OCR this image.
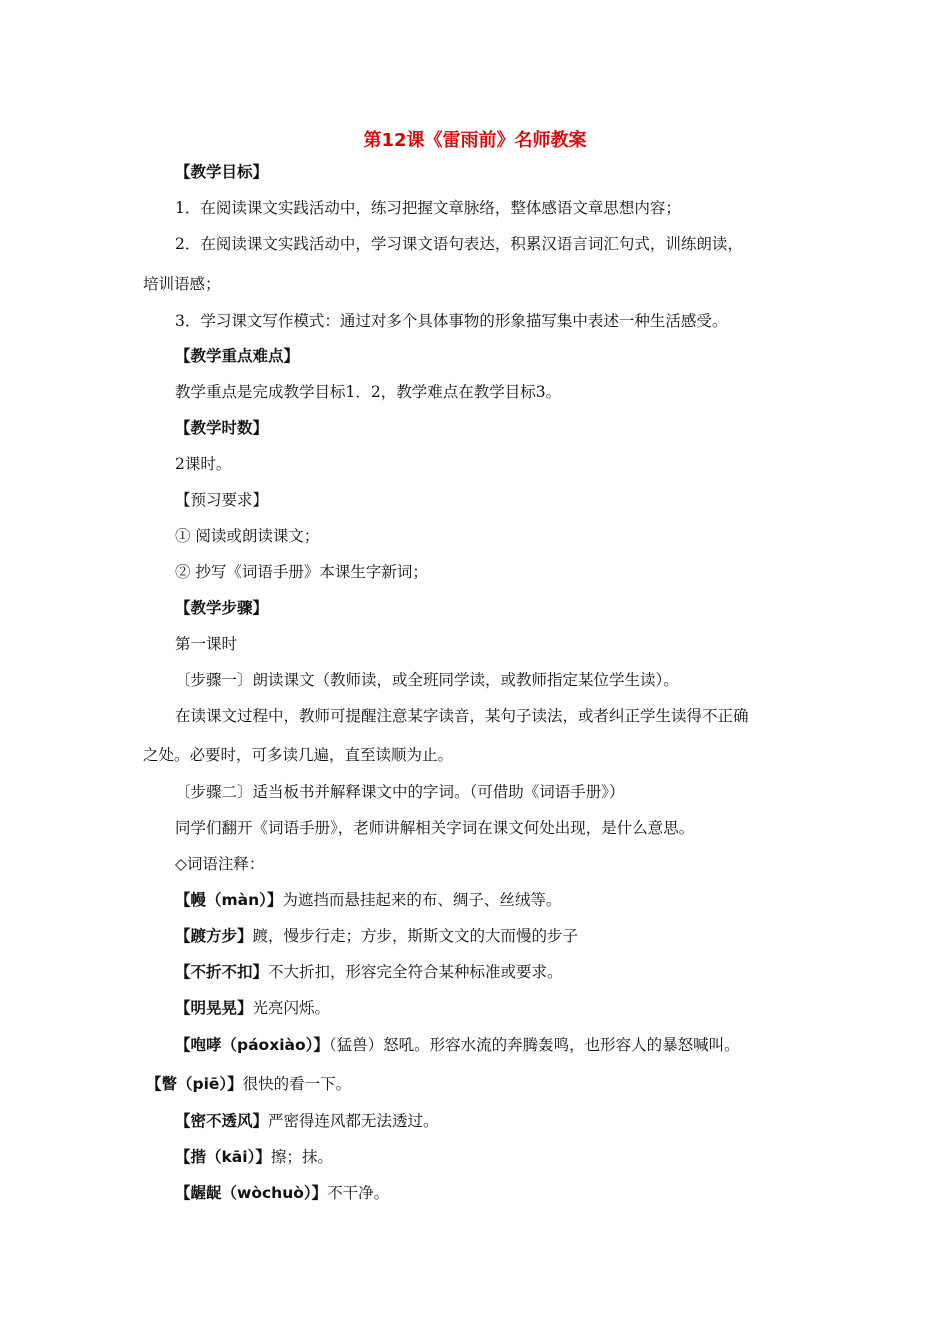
第12课《雷雨前》名师教案

【教学目标】

1．在阅读课文实践活动中，练习把握文章脉络，整体感语文章思想内容；

2．在阅读课文实践活动中，学习课文语句表达，积累汉语言词汇句式，训练朗读，

培训语感；

3．学习课文写作模式：通过对多个具体事物的形象描写集中表述一种生活感受。

【教学重点难点】

教学重点是完成教学目标1．2，教学难点在教学目标3。

【教学时数】

2课时。

【预习要求】

① 阅读或朗读课文；

② 抄写《词语手册》本课生字新词；

【教学步骤】

第一课时

〔步骤一〕朗读课文（教师读，或全班同学读，或教师指定某位学生读）。

在读课文过程中，教师可提醒注意某字读音，某句子读法，或者纠正学生读得不正确

之处。必要时，可多读几遍，直至读顺为止。

〔步骤二〕适当板书并解释课文中的字词。（可借助《词语手册》）

同学们翻开《词语手册》，老师讲解相关字词在课文何处出现，是什么意思。

◇词语注释：

【幔（màn）】为遮挡而悬挂起来的布、绸子、丝绒等。

【踱方步】踱，慢步行走；方步，斯斯文文的大而慢的步子

【不折不扣】不大折扣，形容完全符合某种标准或要求。

【明晃晃】光亮闪烁。

【咆哮（páoxiào）】（猛兽）怒吼。形容水流的奔腾轰鸣，也形容人的暴怒喊叫。

【瞥（piē）】很快的看一下。

【密不透风】严密得连风都无法透过。

【揩（kāi）】擦；抹。

【龌龊（wòchuò）】不干净。
